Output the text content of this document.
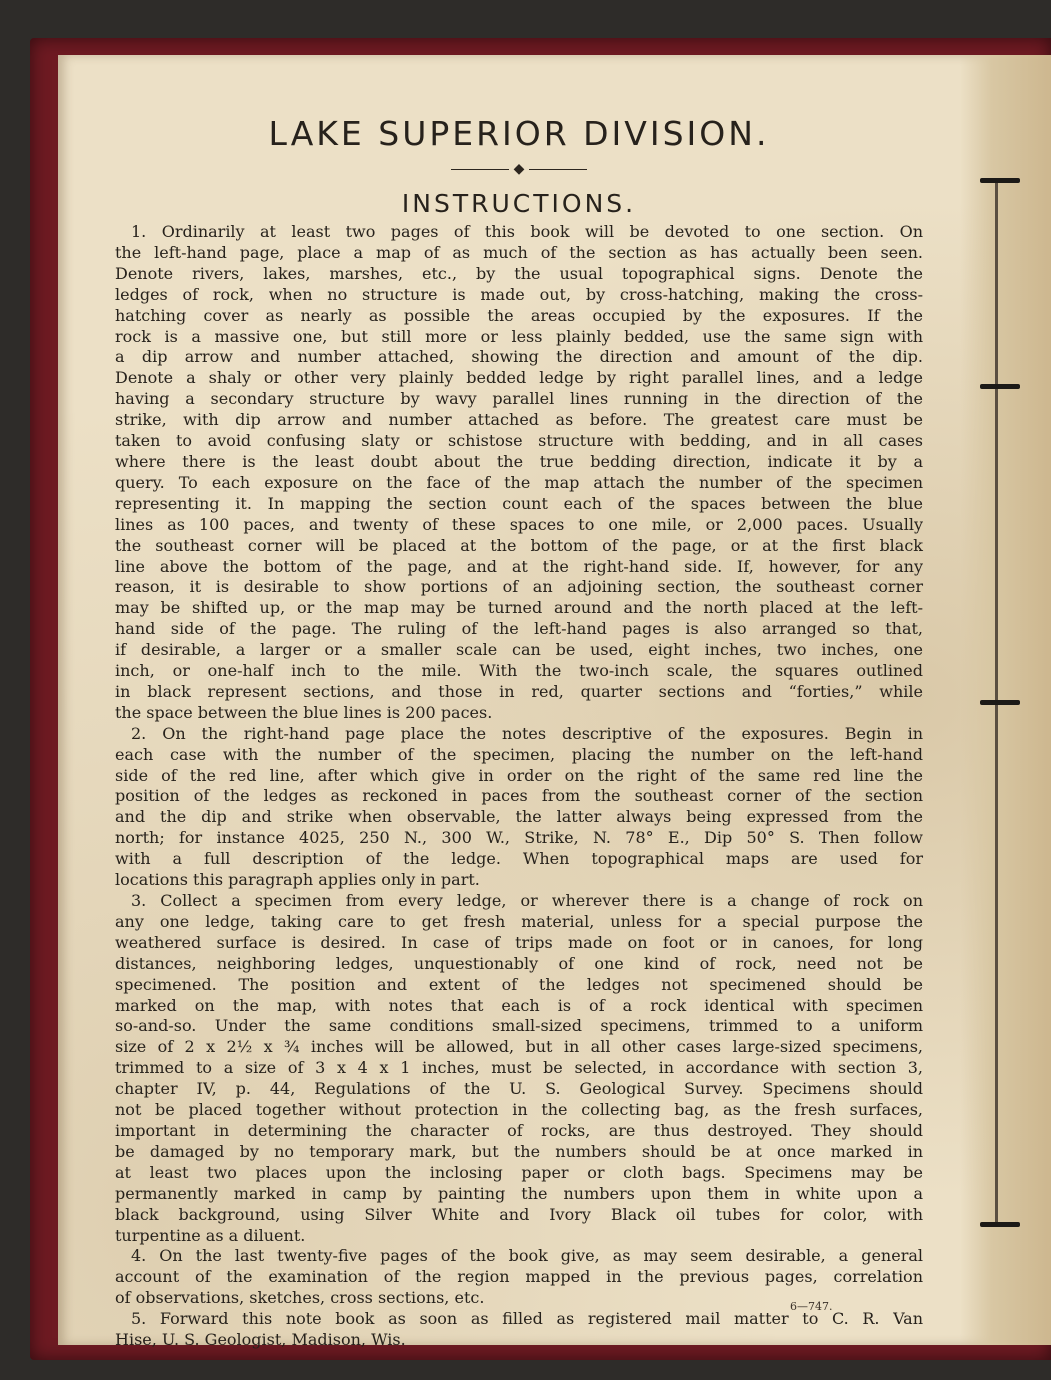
LAKE SUPERIOR DIVISION.
◆
INSTRUCTIONS.
1. Ordinarily at least two pages of this book will be devoted to one section. On
the left-hand page, place a map of as much of the section as has actually been seen.
Denote rivers, lakes, marshes, etc., by the usual topographical signs. Denote the
ledges of rock, when no structure is made out, by cross-hatching, making the cross-
hatching cover as nearly as possible the areas occupied by the exposures. If the
rock is a massive one, but still more or less plainly bedded, use the same sign with
a dip arrow and number attached, showing the direction and amount of the dip.
Denote a shaly or other very plainly bedded ledge by right parallel lines, and a ledge
having a secondary structure by wavy parallel lines running in the direction of the
strike, with dip arrow and number attached as before. The greatest care must be
taken to avoid confusing slaty or schistose structure with bedding, and in all cases
where there is the least doubt about the true bedding direction, indicate it by a
query. To each exposure on the face of the map attach the number of the specimen
representing it. In mapping the section count each of the spaces between the blue
lines as 100 paces, and twenty of these spaces to one mile, or 2,000 paces. Usually
the southeast corner will be placed at the bottom of the page, or at the first black
line above the bottom of the page, and at the right-hand side. If, however, for any
reason, it is desirable to show portions of an adjoining section, the southeast corner
may be shifted up, or the map may be turned around and the north placed at the left-
hand side of the page. The ruling of the left-hand pages is also arranged so that,
if desirable, a larger or a smaller scale can be used, eight inches, two inches, one
inch, or one-half inch to the mile. With the two-inch scale, the squares outlined
in black represent sections, and those in red, quarter sections and “forties,” while
the space between the blue lines is 200 paces.
2. On the right-hand page place the notes descriptive of the exposures. Begin in
each case with the number of the specimen, placing the number on the left-hand
side of the red line, after which give in order on the right of the same red line the
position of the ledges as reckoned in paces from the southeast corner of the section
and the dip and strike when observable, the latter always being expressed from the
north; for instance 4025, 250 N., 300 W., Strike, N. 78° E., Dip 50° S. Then follow
with a full description of the ledge. When topographical maps are used for
locations this paragraph applies only in part.
3. Collect a specimen from every ledge, or wherever there is a change of rock on
any one ledge, taking care to get fresh material, unless for a special purpose the
weathered surface is desired. In case of trips made on foot or in canoes, for long
distances, neighboring ledges, unquestionably of one kind of rock, need not be
specimened. The position and extent of the ledges not specimened should be
marked on the map, with notes that each is of a rock identical with specimen
so-and-so. Under the same conditions small-sized specimens, trimmed to a uniform
size of 2 x 2½ x ¾ inches will be allowed, but in all other cases large-sized specimens,
trimmed to a size of 3 x 4 x 1 inches, must be selected, in accordance with section 3,
chapter IV, p. 44, Regulations of the U. S. Geological Survey. Specimens should
not be placed together without protection in the collecting bag, as the fresh surfaces,
important in determining the character of rocks, are thus destroyed. They should
be damaged by no temporary mark, but the numbers should be at once marked in
at least two places upon the inclosing paper or cloth bags. Specimens may be
permanently marked in camp by painting the numbers upon them in white upon a
black background, using Silver White and Ivory Black oil tubes for color, with
turpentine as a diluent.
4. On the last twenty-five pages of the book give, as may seem desirable, a general
account of the examination of the region mapped in the previous pages, correlation
of observations, sketches, cross sections, etc.
5. Forward this note book as soon as filled as registered mail matter to C. R. Van
Hise, U. S. Geologist, Madison, Wis.
6—747.
